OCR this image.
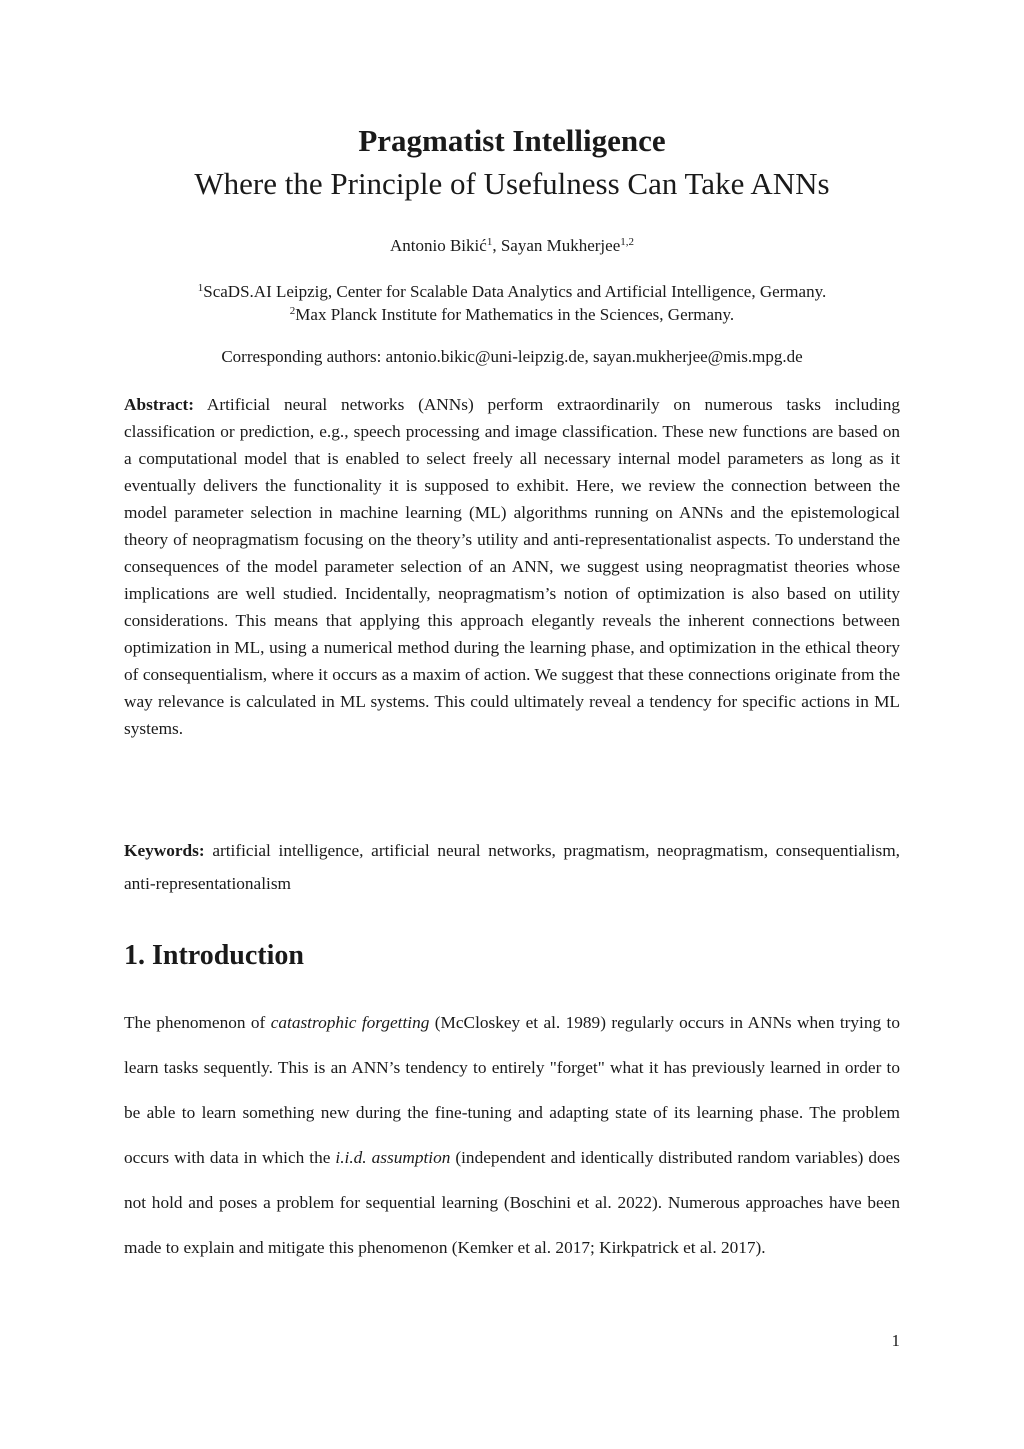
Pragmatist Intelligence
Where the Principle of Usefulness Can Take ANNs
Antonio Bikić$^1$, Sayan Mukherjee$^{1,2}$
$^1$ScaDS.AI Leipzig, Center for Scalable Data Analytics and Artificial Intelligence, Germany.
$^2$Max Planck Institute for Mathematics in the Sciences, Germany.
Corresponding authors: antonio.bikic@uni-leipzig.de, sayan.mukherjee@mis.mpg.de

Abstract: Artificial neural networks (ANNs) perform extraordinarily on numerous tasks including classification or prediction, e.g., speech processing and image classification. These new functions are based on a computational model that is enabled to select freely all necessary internal model parameters as long as it eventually delivers the functionality it is supposed to exhibit. Here, we review the connection between the model parameter selection in machine learning (ML) algorithms running on ANNs and the epistemological theory of neopragmatism focusing on the theory’s utility and anti-representationalist aspects. To understand the consequences of the model parameter selection of an ANN, we suggest using neopragmatist theories whose implications are well studied. Incidentally, neopragmatism’s notion of optimization is also based on utility considerations. This means that applying this approach elegantly reveals the inherent connections between optimization in ML, using a numerical method during the learning phase, and optimization in the ethical theory of consequentialism, where it occurs as a maxim of action. We suggest that these connections originate from the way relevance is calculated in ML systems. This could ultimately reveal a tendency for specific actions in ML systems.

Keywords: artificial intelligence, artificial neural networks, pragmatism, neopragmatism, consequentialism, anti-representationalism

1. Introduction

The phenomenon of catastrophic forgetting (McCloskey et al. 1989) regularly occurs in ANNs when trying to learn tasks sequently. This is an ANN’s tendency to entirely "forget" what it has previously learned in order to be able to learn something new during the fine-tuning and adapting state of its learning phase. The problem occurs with data in which the i.i.d. assumption (independent and identically distributed random variables) does not hold and poses a problem for sequential learning (Boschini et al. 2022). Numerous approaches have been made to explain and mitigate this phenomenon (Kemker et al. 2017; Kirkpatrick et al. 2017).

1
